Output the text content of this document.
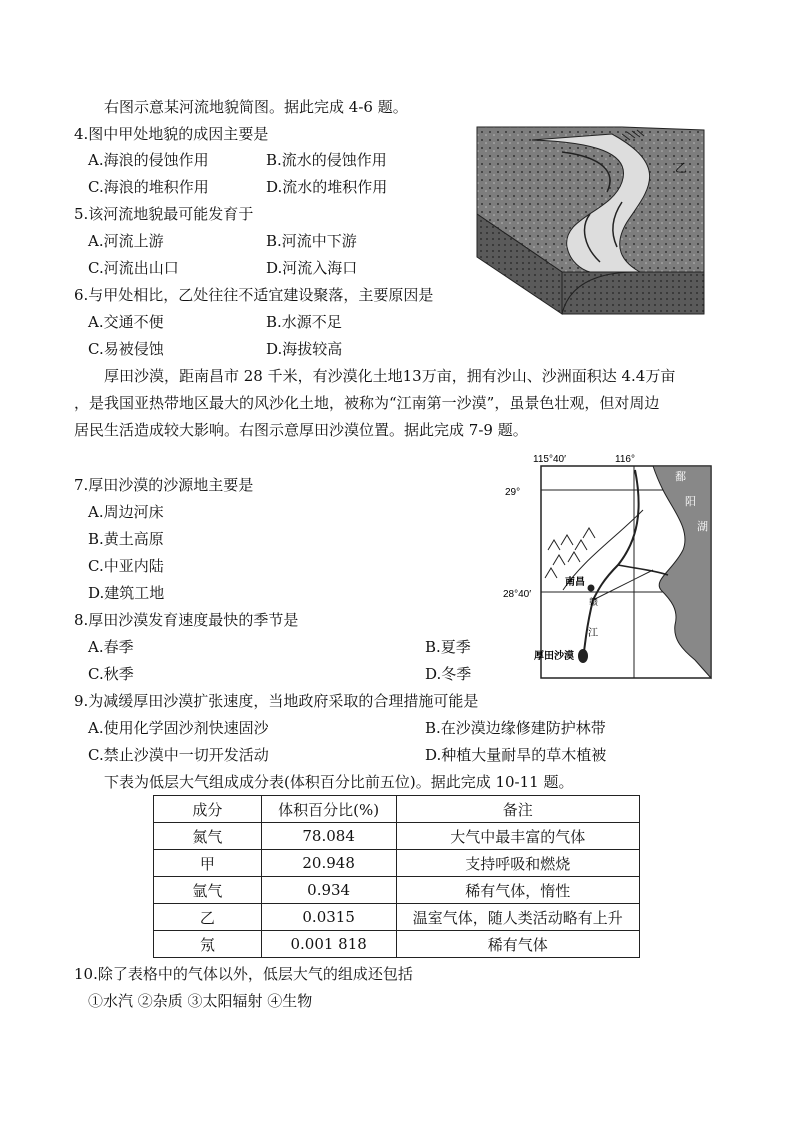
右图示意某河流地貌简图。据此完成 4-6 题。
4.图中甲处地貌的成因主要是
A.海浪的侵蚀作用	B.流水的侵蚀作用
C.海浪的堆积作用	D.流水的堆积作用
5.该河流地貌最可能发育于
A.河流上游	B.河流中下游
C.河流出山口	D.河流入海口
6.与甲处相比，乙处往往不适宜建设聚落，主要原因是
A.交通不便	B.水源不足
C.易被侵蚀	D.海拔较高
乙
厚田沙漠，距南昌市 28 千米，有沙漠化土地13万亩，拥有沙山、沙洲面积达 4.4万亩
，是我国亚热带地区最大的风沙化土地，被称为“江南第一沙漠”，虽景色壮观，但对周边
居民生活造成较大影响。右图示意厚田沙漠位置。据此完成 7-9 题。
115°40′	116°
29°
28°40′
鄱
阳
湖
南昌
赣
江
厚田沙漠
7.厚田沙漠的沙源地主要是
A.周边河床
B.黄土高原
C.中亚内陆
D.建筑工地
8.厚田沙漠发育速度最快的季节是
A.春季	B.夏季
C.秋季	D.冬季
9.为减缓厚田沙漠扩张速度，当地政府采取的合理措施可能是
A.使用化学固沙剂快速固沙	B.在沙漠边缘修建防护林带
C.禁止沙漠中一切开发活动	D.种植大量耐旱的草木植被
下表为低层大气组成成分表(体积百分比前五位)。据此完成 10-11 题。
成分	体积百分比(%)	备注
氮气	78.084	大气中最丰富的气体
甲	20.948	支持呼吸和燃烧
氩气	0.934	稀有气体，惰性
乙	0.0315	温室气体，随人类活动略有上升
氖	0.001 818	稀有气体
10.除了表格中的气体以外，低层大气的组成还包括
①水汽 ②杂质 ③太阳辐射 ④生物
